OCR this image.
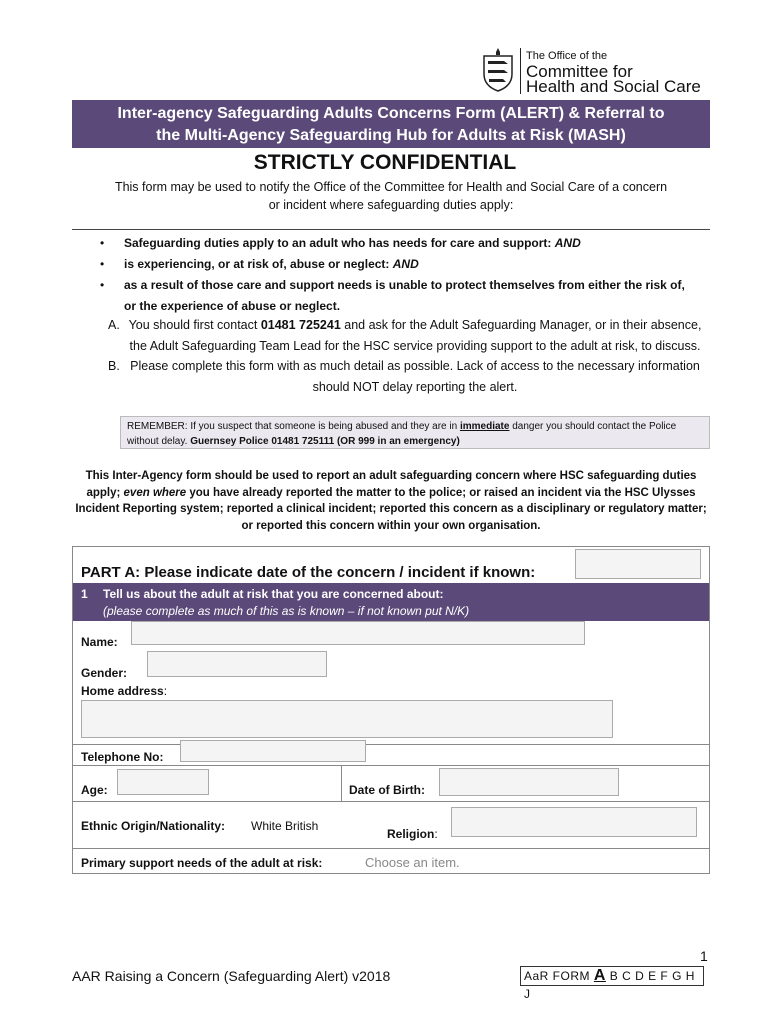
The Office of the
Committee for
Health and Social Care
Inter-agency Safeguarding Adults Concerns Form (ALERT) & Referral to
the Multi-Agency Safeguarding Hub for Adults at Risk (MASH)
STRICTLY CONFIDENTIAL
This form may be used to notify the Office of the Committee for Health and Social Care of a concern
or incident where safeguarding duties apply:
• Safeguarding duties apply to an adult who has needs for care and support: AND
• is experiencing, or at risk of, abuse or neglect: AND
• as a result of those care and support needs is unable to protect themselves from either the risk of, or the experience of abuse or neglect.
A. You should first contact 01481 725241 and ask for the Adult Safeguarding Manager, or in their absence, the Adult Safeguarding Team Lead for the HSC service providing support to the adult at risk, to discuss.
B. Please complete this form with as much detail as possible. Lack of access to the necessary information should NOT delay reporting the alert.
REMEMBER: If you suspect that someone is being abused and they are in immediate danger you should contact the Police without delay. Guernsey Police 01481 725111 (OR 999 in an emergency)
This Inter-Agency form should be used to report an adult safeguarding concern where HSC safeguarding duties apply; even where you have already reported the matter to the police; or raised an incident via the HSC Ulysses Incident Reporting system; reported a clinical incident; reported this concern as a disciplinary or regulatory matter; or reported this concern within your own organisation.
PART A: Please indicate date of the concern / incident if known:
1 Tell us about the adult at risk that you are concerned about:
(please complete as much of this as is known – if not known put N/K)
Name:
Gender:
Home address:
Telephone No:
Age:	Date of Birth:
Ethnic Origin/Nationality: White British
Religion:
Primary support needs of the adult at risk:	Choose an item.
1
AAR Raising a Concern (Safeguarding Alert) v2018	AaR FORM A B C D E F G H J
